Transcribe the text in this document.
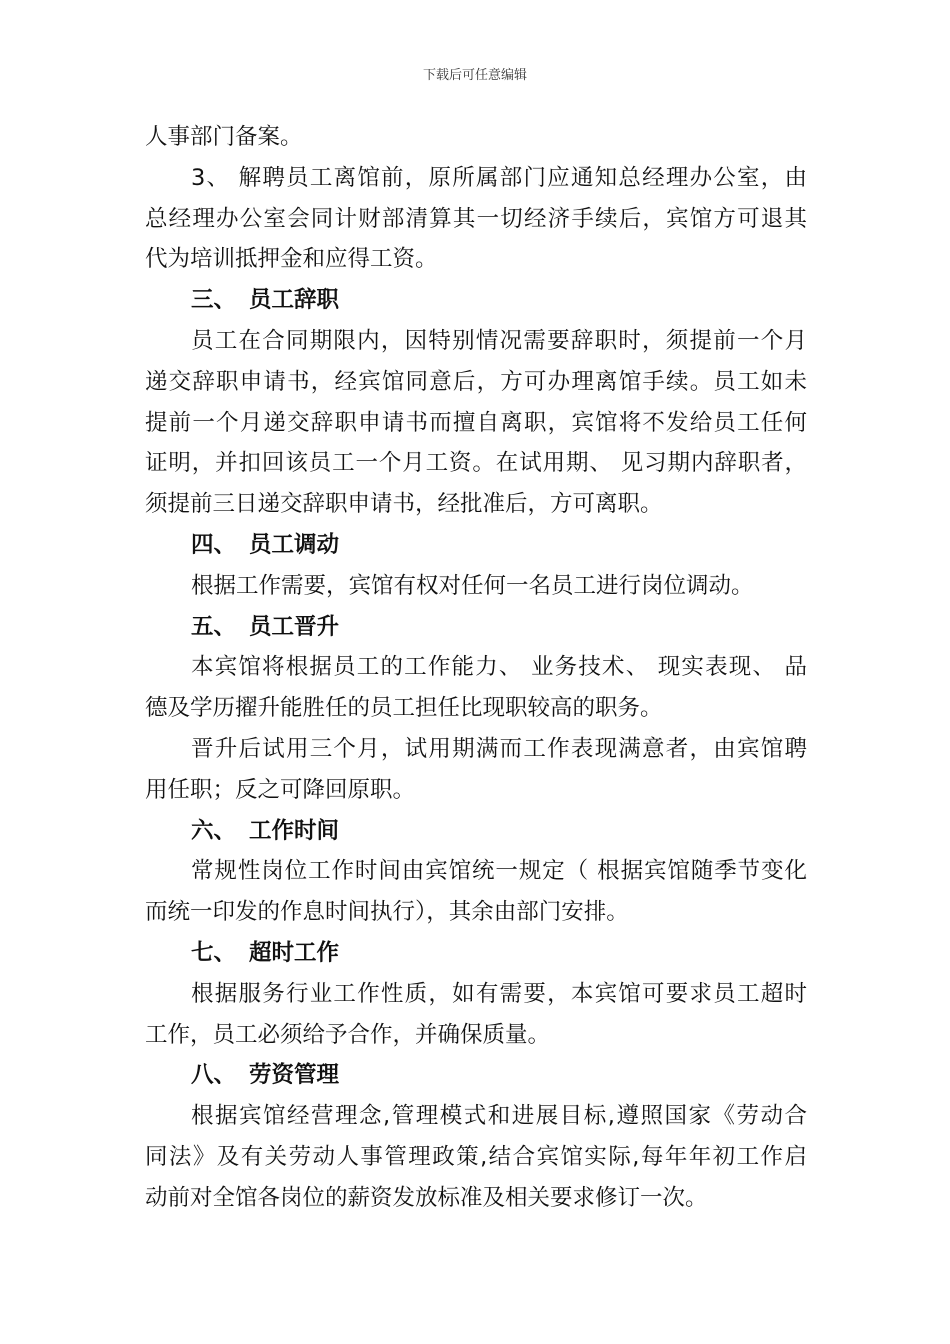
下载后可任意编辑
人事部门备案。
3、 解聘员工离馆前，原所属部门应通知总经理办公室，由
总经理办公室会同计财部清算其一切经济手续后，宾馆方可退其
代为培训抵押金和应得工资。
三、 员工辞职
员工在合同期限内，因特别情况需要辞职时，须提前一个月
递交辞职申请书，经宾馆同意后，方可办理离馆手续。员工如未
提前一个月递交辞职申请书而擅自离职，宾馆将不发给员工任何
证明，并扣回该员工一个月工资。在试用期、 见习期内辞职者，
须提前三日递交辞职申请书，经批准后，方可离职。
四、 员工调动
根据工作需要，宾馆有权对任何一名员工进行岗位调动。
五、 员工晋升
本宾馆将根据员工的工作能力、 业务技术、 现实表现、 品
德及学历擢升能胜任的员工担任比现职较高的职务。
晋升后试用三个月，试用期满而工作表现满意者，由宾馆聘
用任职；反之可降回原职。
六、 工作时间
常规性岗位工作时间由宾馆统一规定（ 根据宾馆随季节变化
而统一印发的作息时间执行），其余由部门安排。
七、 超时工作
根据服务行业工作性质，如有需要，本宾馆可要求员工超时
工作，员工必须给予合作，并确保质量。
八、 劳资管理
根据宾馆经营理念,管理模式和进展目标,遵照国家《劳动合
同法》及有关劳动人事管理政策,结合宾馆实际,每年年初工作启
动前对全馆各岗位的薪资发放标准及相关要求修订一次。
